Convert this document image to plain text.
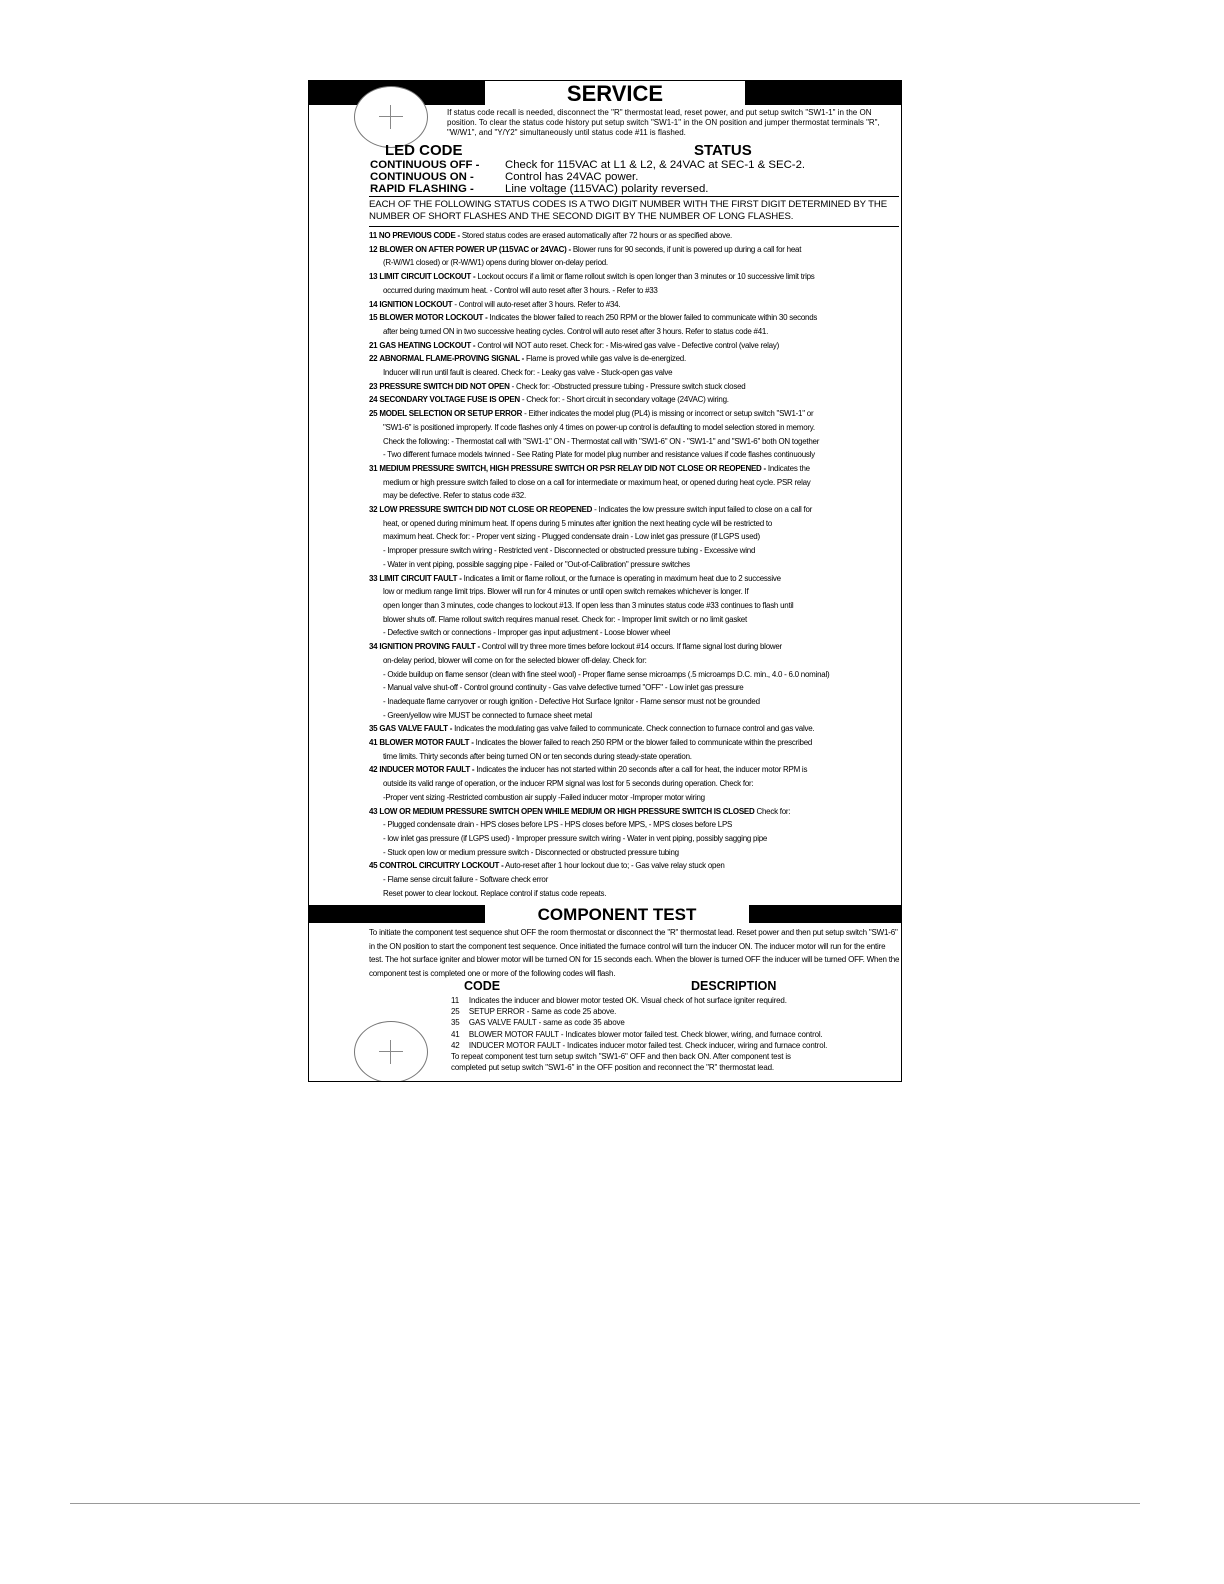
SERVICE
If status code recall is needed, disconnect the "R" thermostat lead, reset power, and put setup switch "SW1-1" in the ON position. To clear the status code history put setup switch "SW1-1" in the ON position and jumper thermostat terminals "R", "W/W1", and "Y/Y2" simultaneously until status code #11 is flashed.
LED CODE	STATUS
CONTINUOUS OFF - Check for 115VAC at L1 & L2, & 24VAC at SEC-1 & SEC-2.
CONTINUOUS ON -	Control has 24VAC power.
RAPID FLASHING -	Line voltage (115VAC) polarity reversed.
EACH OF THE FOLLOWING STATUS CODES IS A TWO DIGIT NUMBER WITH THE FIRST DIGIT DETERMINED BY THE NUMBER OF SHORT FLASHES AND THE SECOND DIGIT BY THE NUMBER OF LONG FLASHES.
11 NO PREVIOUS CODE - Stored status codes are erased automatically after 72 hours or as specified above.
12 BLOWER ON AFTER POWER UP (115VAC or 24VAC) - Blower runs for 90 seconds, if unit is powered up during a call for heat
(R-W/W1 closed) or (R-W/W1) opens during blower on-delay period.
13 LIMIT CIRCUIT LOCKOUT - Lockout occurs if a limit or flame rollout switch is open longer than 3 minutes or 10 successive limit trips
occurred during maximum heat. - Control will auto reset after 3 hours. - Refer to #33
14 IGNITION LOCKOUT - Control will auto-reset after 3 hours. Refer to #34.
15 BLOWER MOTOR LOCKOUT - Indicates the blower failed to reach 250 RPM or the blower failed to communicate within 30 seconds
after being turned ON in two successive heating cycles. Control will auto reset after 3 hours. Refer to status code #41.
21 GAS HEATING LOCKOUT - Control will NOT auto reset. Check for: - Mis-wired gas valve - Defective control (valve relay)
22 ABNORMAL FLAME-PROVING SIGNAL - Flame is proved while gas valve is de-energized.
Inducer will run until fault is cleared. Check for: - Leaky gas valve - Stuck-open gas valve
23 PRESSURE SWITCH DID NOT OPEN - Check for: -Obstructed pressure tubing - Pressure switch stuck closed
24 SECONDARY VOLTAGE FUSE IS OPEN - Check for: - Short circuit in secondary voltage (24VAC) wiring.
25 MODEL SELECTION OR SETUP ERROR - Either indicates the model plug (PL4) is missing or incorrect or setup switch "SW1-1" or
"SW1-6" is positioned improperly. If code flashes only 4 times on power-up control is defaulting to model selection stored in memory.
Check the following: - Thermostat call with "SW1-1" ON - Thermostat call with "SW1-6" ON - "SW1-1" and "SW1-6" both ON together
- Two different furnace models twinned - See Rating Plate for model plug number and resistance values if code flashes continuously
31 MEDIUM PRESSURE SWITCH, HIGH PRESSURE SWITCH OR PSR RELAY DID NOT CLOSE OR REOPENED - Indicates the
medium or high pressure switch failed to close on a call for intermediate or maximum heat, or opened during heat cycle. PSR relay
may be defective. Refer to status code #32.
32 LOW PRESSURE SWITCH DID NOT CLOSE OR REOPENED - Indicates the low pressure switch input failed to close on a call for
heat, or opened during minimum heat. If opens during 5 minutes after ignition the next heating cycle will be restricted to
maximum heat. Check for: - Proper vent sizing - Plugged condensate drain - Low inlet gas pressure (if LGPS used)
- Improper pressure switch wiring - Restricted vent - Disconnected or obstructed pressure tubing - Excessive wind
- Water in vent piping, possible sagging pipe - Failed or "Out-of-Calibration" pressure switches
33 LIMIT CIRCUIT FAULT - Indicates a limit or flame rollout, or the furnace is operating in maximum heat due to 2 successive
low or medium range limit trips. Blower will run for 4 minutes or until open switch remakes whichever is longer. If
open longer than 3 minutes, code changes to lockout #13. If open less than 3 minutes status code #33 continues to flash until
blower shuts off. Flame rollout switch requires manual reset. Check for: - Improper limit switch or no limit gasket
- Defective switch or connections - Improper gas input adjustment - Loose blower wheel
34 IGNITION PROVING FAULT - Control will try three more times before lockout #14 occurs. If flame signal lost during blower
on-delay period, blower will come on for the selected blower off-delay. Check for:
- Oxide buildup on flame sensor (clean with fine steel wool) - Proper flame sense microamps (.5 microamps D.C. min., 4.0 - 6.0 nominal)
- Manual valve shut-off - Control ground continuity - Gas valve defective turned "OFF" - Low inlet gas pressure
- Inadequate flame carryover or rough ignition - Defective Hot Surface Ignitor - Flame sensor must not be grounded
- Green/yellow wire MUST be connected to furnace sheet metal
35 GAS VALVE FAULT - Indicates the modulating gas valve failed to communicate. Check connection to furnace control and gas valve.
41 BLOWER MOTOR FAULT - Indicates the blower failed to reach 250 RPM or the blower failed to communicate within the prescribed
time limits. Thirty seconds after being turned ON or ten seconds during steady-state operation.
42 INDUCER MOTOR FAULT - Indicates the inducer has not started within 20 seconds after a call for heat, the inducer motor RPM is
outside its valid range of operation, or the inducer RPM signal was lost for 5 seconds during operation. Check for:
-Proper vent sizing -Restricted combustion air supply -Failed inducer motor -Improper motor wiring
43 LOW OR MEDIUM PRESSURE SWITCH OPEN WHILE MEDIUM OR HIGH PRESSURE SWITCH IS CLOSED Check for:
- Plugged condensate drain - HPS closes before LPS - HPS closes before MPS, - MPS closes before LPS
- low inlet gas pressure (if LGPS used) - Improper pressure switch wiring - Water in vent piping, possibly sagging pipe
- Stuck open low or medium pressure switch - Disconnected or obstructed pressure tubing
45 CONTROL CIRCUITRY LOCKOUT - Auto-reset after 1 hour lockout due to; - Gas valve relay stuck open
- Flame sense circuit failure - Software check error
Reset power to clear lockout. Replace control if status code repeats.
COMPONENT TEST
To initiate the component test sequence shut OFF the room thermostat or disconnect the "R" thermostat lead. Reset power and then put setup switch "SW1-6" in the ON position to start the component test sequence. Once initiated the furnace control will turn the inducer ON. The inducer motor will run for the entire test. The hot surface igniter and blower motor will be turned ON for 15 seconds each. When the blower is turned OFF the inducer will be turned OFF. When the component test is completed one or more of the following codes will flash.
CODE	DESCRIPTION
11 Indicates the inducer and blower motor tested OK. Visual check of hot surface igniter required.
25 SETUP ERROR - Same as code 25 above.
35 GAS VALVE FAULT - same as code 35 above
41 BLOWER MOTOR FAULT - Indicates blower motor failed test. Check blower, wiring, and furnace control.
42 INDUCER MOTOR FAULT - Indicates inducer motor failed test. Check inducer, wiring and furnace control.
To repeat component test turn setup switch "SW1-6" OFF and then back ON. After component test is
completed put setup switch "SW1-6" in the OFF position and reconnect the "R" thermostat lead.
